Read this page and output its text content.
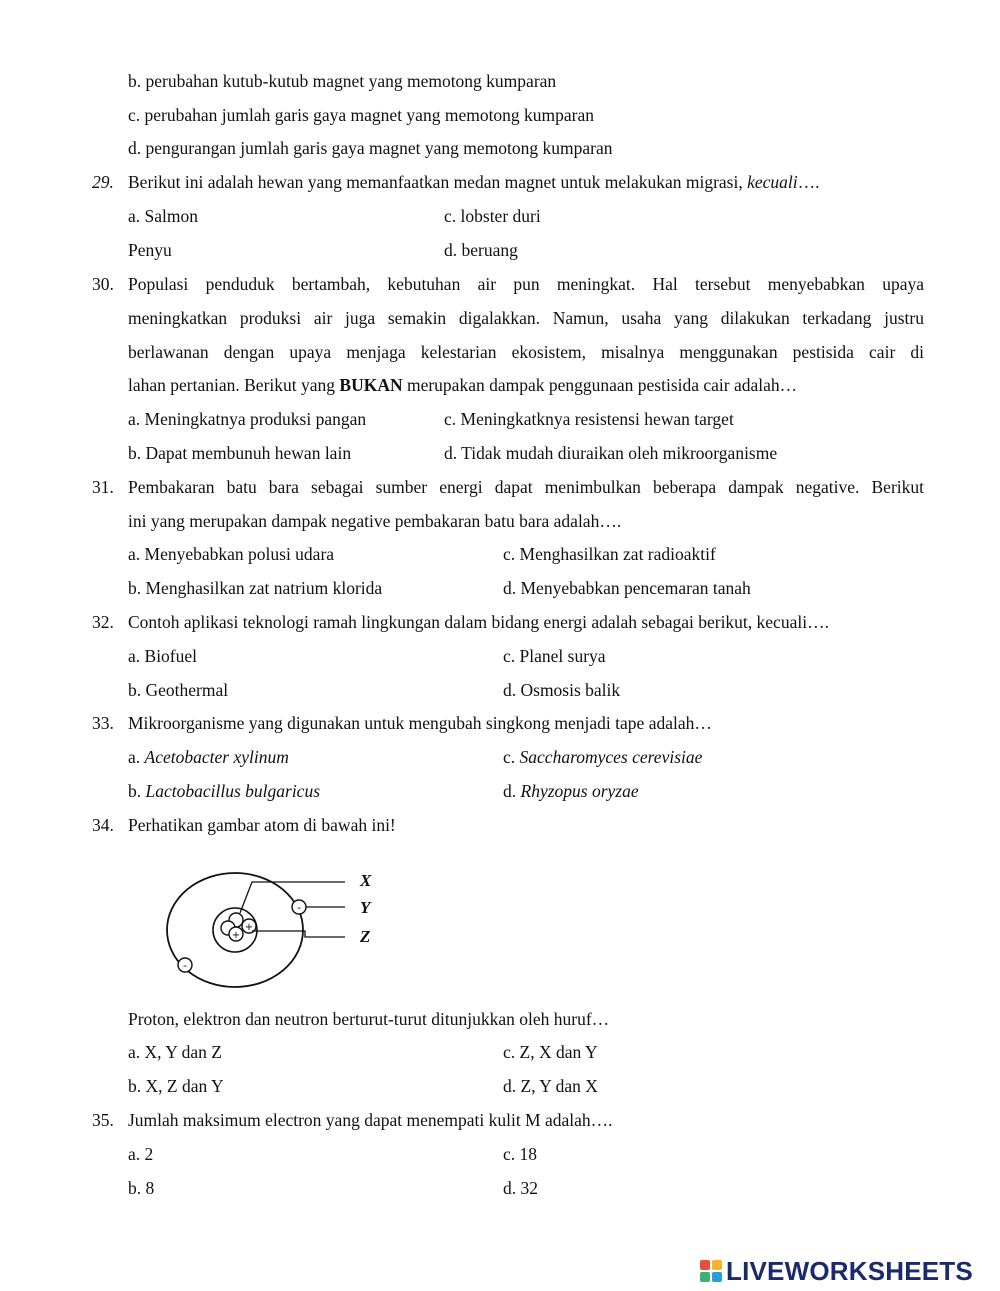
b. perubahan kutub-kutub magnet yang memotong kumparan
c. perubahan jumlah garis gaya magnet yang memotong kumparan
d. pengurangan jumlah garis gaya magnet yang memotong kumparan
29. Berikut ini adalah hewan yang memanfaatkan medan magnet untuk melakukan migrasi, kecuali….
a. Salmon	c. lobster duri
Penyu	d. beruang
30. Populasi penduduk bertambah, kebutuhan air pun meningkat. Hal tersebut menyebabkan upaya
meningkatkan produksi air juga semakin digalakkan. Namun, usaha yang dilakukan terkadang justru
berlawanan dengan upaya menjaga kelestarian ekosistem, misalnya menggunakan pestisida cair di
lahan pertanian. Berikut yang BUKAN merupakan dampak penggunaan pestisida cair adalah…
a. Meningkatnya produksi pangan	c. Meningkatknya resistensi hewan target
b. Dapat membunuh hewan lain	d. Tidak mudah diuraikan oleh mikroorganisme
31. Pembakaran batu bara sebagai sumber energi dapat menimbulkan beberapa dampak negative. Berikut
ini yang merupakan dampak negative pembakaran batu bara adalah….
a. Menyebabkan polusi udara	c. Menghasilkan zat radioaktif
b. Menghasilkan zat natrium klorida	d. Menyebabkan pencemaran tanah
32. Contoh aplikasi teknologi ramah lingkungan dalam bidang energi adalah sebagai berikut, kecuali….
a. Biofuel	c. Planel surya
b. Geothermal	d. Osmosis balik
33. Mikroorganisme yang digunakan untuk mengubah singkong menjadi tape adalah…
a. Acetobacter xylinum	c. Saccharomyces cerevisiae
b. Lactobacillus bulgaricus	d. Rhyzopus oryzae
34. Perhatikan gambar atom di bawah ini!
+
+
-
-
X
Y
Z
Proton, elektron dan neutron berturut-turut ditunjukkan oleh huruf…
a. X, Y dan Z	c. Z, X dan Y
b. X, Z dan Y	d. Z, Y dan X
35. Jumlah maksimum electron yang dapat menempati kulit M adalah….
a. 2	c. 18
b. 8	d. 32
LIVEWORKSHEETS
